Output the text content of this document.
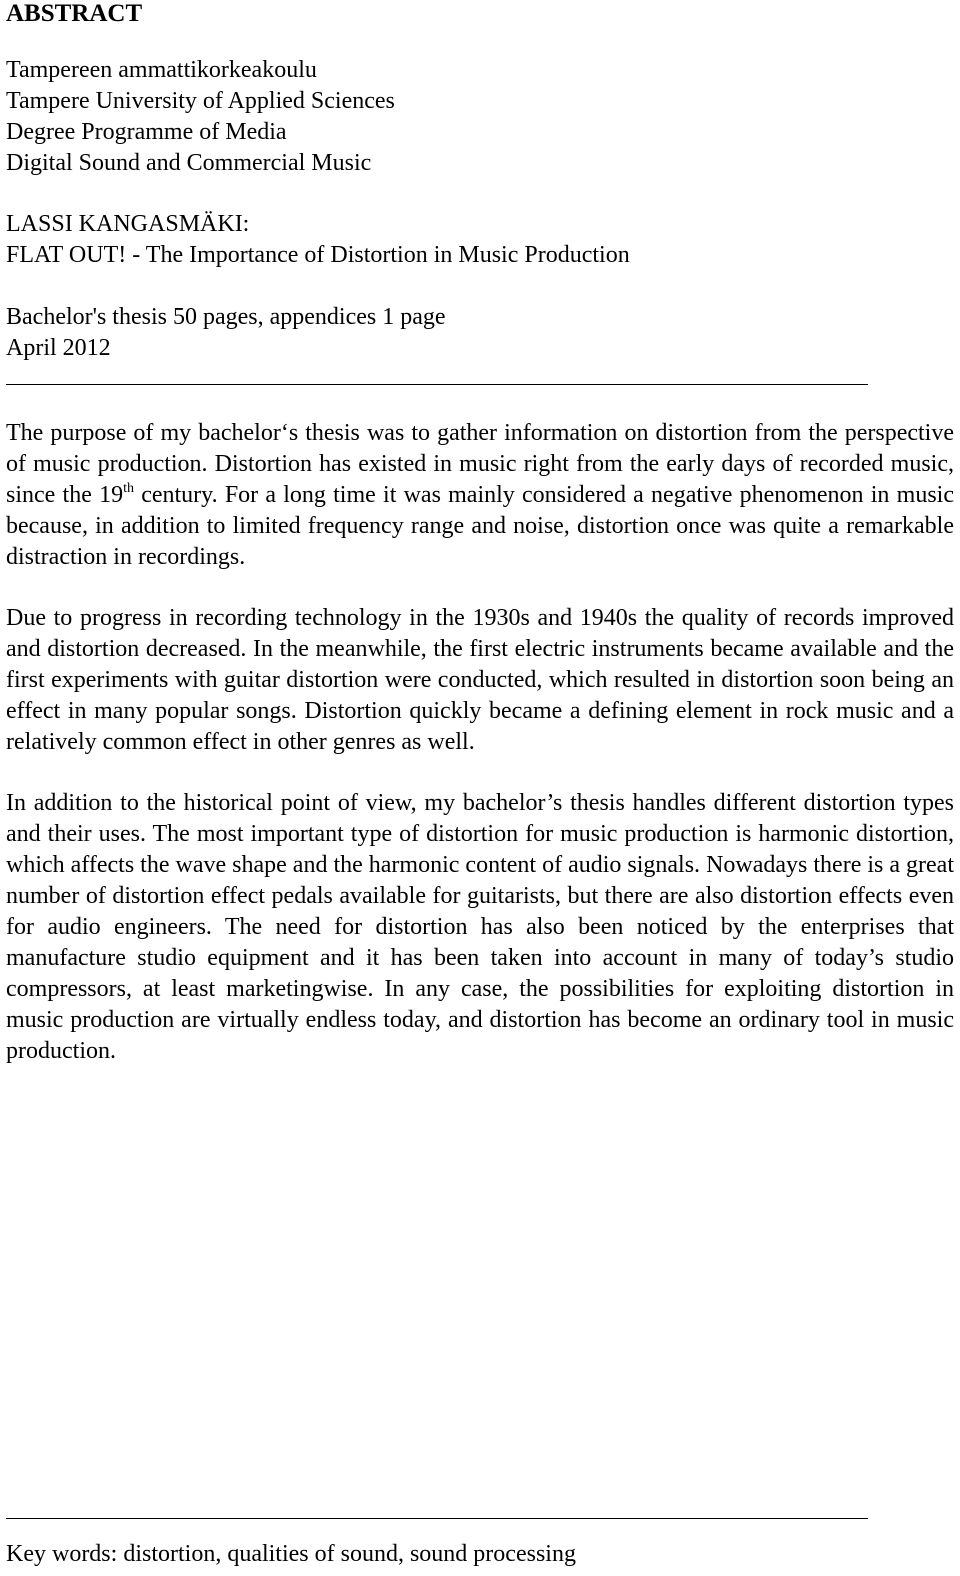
ABSTRACT
Tampereen ammattikorkeakoulu
Tampere University of Applied Sciences
Degree Programme of Media
Digital Sound and Commercial Music
LASSI KANGASMÄKI:
FLAT OUT! - The Importance of Distortion in Music Production
Bachelor's thesis 50 pages, appendices 1 page
April 2012

The purpose of my bachelor‘s thesis was to gather information on distortion from the perspective of music production. Distortion has existed in music right from the early days of recorded music, since the 19th century. For a long time it was mainly considered a negative phenomenon in music because, in addition to limited frequency range and noise, distortion once was quite a remarkable distraction in recordings.

Due to progress in recording technology in the 1930s and 1940s the quality of records improved and distortion decreased. In the meanwhile, the first electric instruments became available and the first experiments with guitar distortion were conducted, which resulted in distortion soon being an effect in many popular songs. Distortion quickly became a defining element in rock music and a relatively common effect in other genres as well.

In addition to the historical point of view, my bachelor’s thesis handles different distortion types and their uses. The most important type of distortion for music production is harmonic distortion, which affects the wave shape and the harmonic content of audio signals. Nowadays there is a great number of distortion effect pedals available for guitarists, but there are also distortion effects even for audio engineers. The need for distortion has also been noticed by the enterprises that manufacture studio equipment and it has been taken into account in many of today’s studio compressors, at least marketingwise. In any case, the possibilities for exploiting distortion in music production are virtually endless today, and distortion has become an ordinary tool in music production.

Key words: distortion, qualities of sound, sound processing
